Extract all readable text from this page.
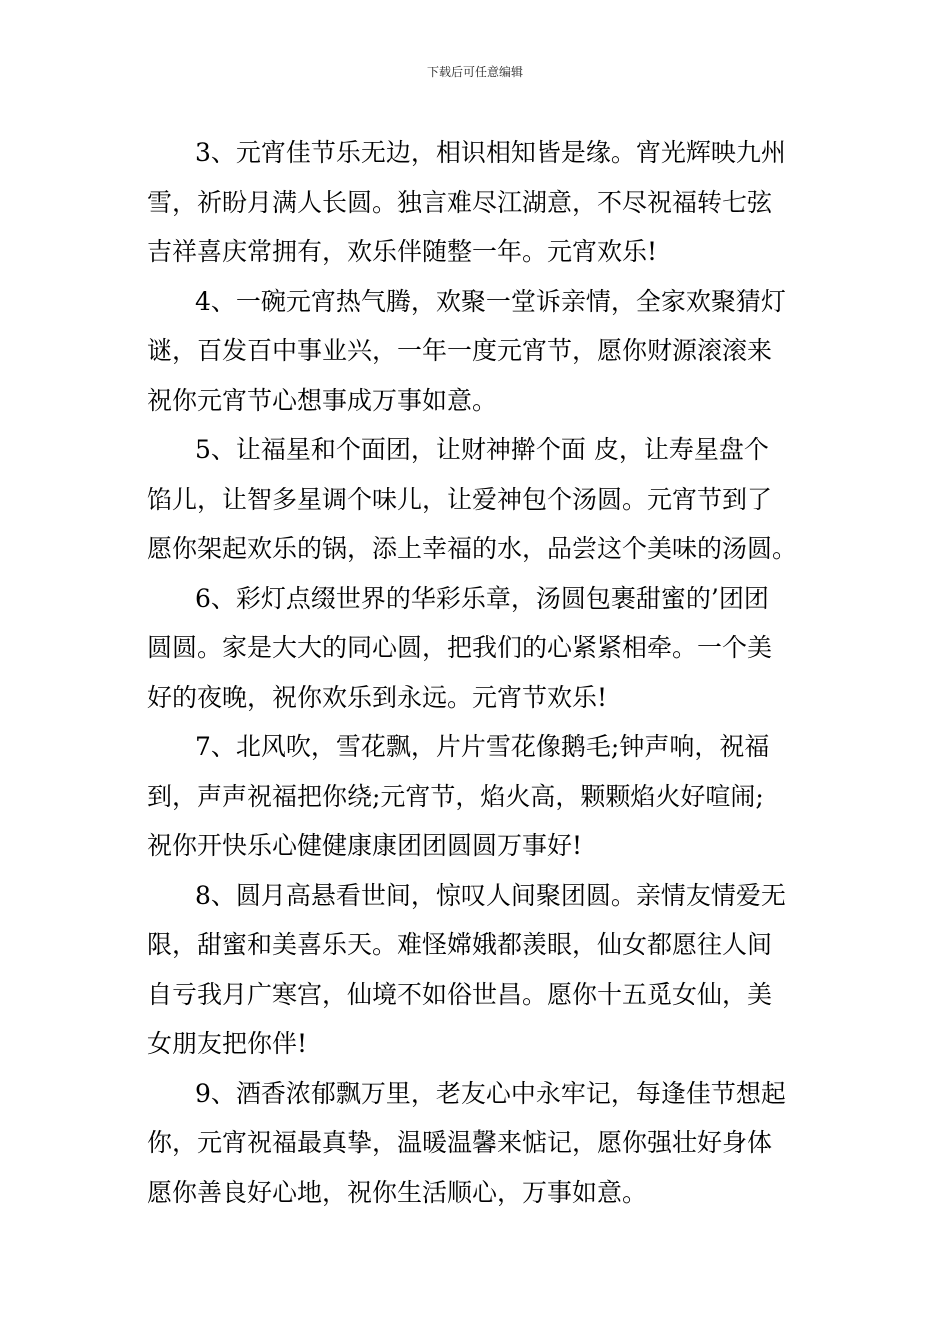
下载后可任意编辑
3、元宵佳节乐无边，相识相知皆是缘。宵光辉映九州
雪，祈盼月满人长圆。独言难尽江湖意，不尽祝福转七弦
吉祥喜庆常拥有，欢乐伴随整一年。元宵欢乐!
4、一碗元宵热气腾，欢聚一堂诉亲情，全家欢聚猜灯
谜，百发百中事业兴，一年一度元宵节，愿你财源滚滚来
祝你元宵节心想事成万事如意。
5、让福星和个面团，让财神擀个面 皮，让寿星盘个
馅儿，让智多星调个味儿，让爱神包个汤圆。元宵节到了
愿你架起欢乐的锅，添上幸福的水，品尝这个美味的汤圆。
6、彩灯点缀世界的华彩乐章，汤圆包裹甜蜜的’团团
圆圆。家是大大的同心圆，把我们的心紧紧相牵。一个美
好的夜晚，祝你欢乐到永远。元宵节欢乐!
7、北风吹，雪花飘，片片雪花像鹅毛;钟声响，祝福
到，声声祝福把你绕;元宵节，焰火高，颗颗焰火好喧闹;
祝你开快乐心健健康康团团圆圆万事好!
8、圆月高悬看世间，惊叹人间聚团圆。亲情友情爱无
限，甜蜜和美喜乐天。难怪嫦娥都羡眼，仙女都愿往人间
自亏我月广寒宫，仙境不如俗世昌。愿你十五觅女仙，美
女朋友把你伴!
9、酒香浓郁飘万里，老友心中永牢记，每逢佳节想起
你，元宵祝福最真挚，温暖温馨来惦记，愿你强壮好身体
愿你善良好心地，祝你生活顺心，万事如意。
